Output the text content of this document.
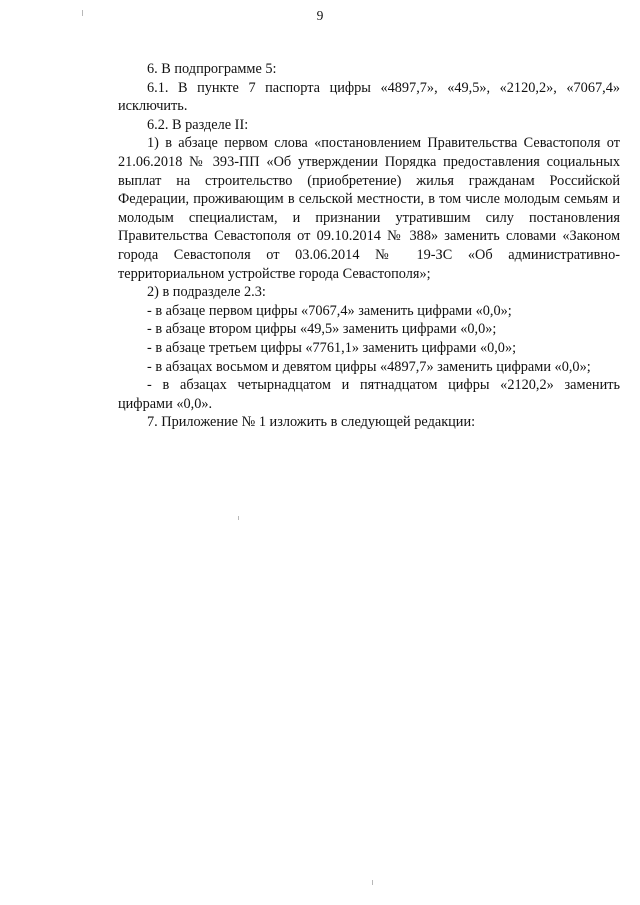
9

6. В подпрограмме 5:

6.1. В пункте 7 паспорта цифры «4897,7», «49,5», «2120,2», «7067,4» исключить.

6.2. В разделе II:

1) в абзаце первом слова «постановлением Правительства Севастополя от 21.06.2018 № 393-ПП «Об утверждении Порядка предоставления социальных выплат на строительство (приобретение) жилья гражданам Российской Федерации, проживающим в сельской местности, в том числе молодым семьям и молодым специалистам, и признании утратившим силу постановления Правительства Севастополя от 09.10.2014 № 388» заменить словами «Законом города Севастополя от 03.06.2014 № 19-ЗС «Об административно-территориальном устройстве города Севастополя»;

2) в подразделе 2.3:

- в абзаце первом цифры «7067,4» заменить цифрами «0,0»;

- в абзаце втором цифры «49,5» заменить цифрами «0,0»;

- в абзаце третьем цифры «7761,1» заменить цифрами «0,0»;

- в абзацах восьмом и девятом цифры «4897,7» заменить цифрами «0,0»;

- в абзацах четырнадцатом и пятнадцатом цифры «2120,2» заменить цифрами «0,0».

7. Приложение № 1 изложить в следующей редакции:
